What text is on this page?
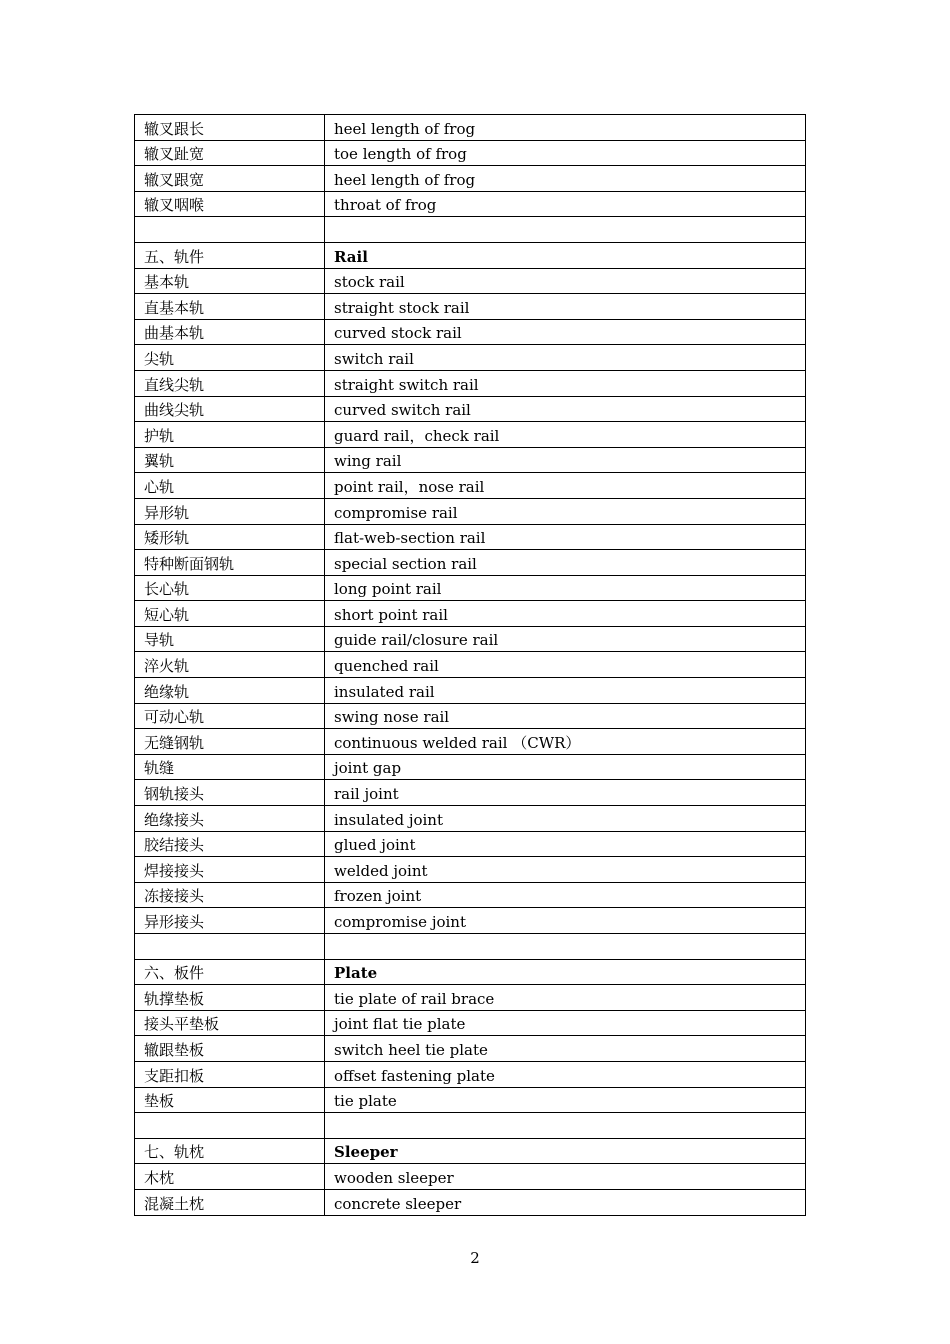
辙叉跟长	heel length of frog
辙叉趾宽	toe length of frog
辙叉跟宽	heel length of frog
辙叉咽喉	throat of frog

五、轨件	Rail
基本轨	stock rail
直基本轨	straight stock rail
曲基本轨	curved stock rail
尖轨	switch rail
直线尖轨	straight switch rail
曲线尖轨	curved switch rail
护轨	guard rail，check rail
翼轨	wing rail
心轨	point rail，nose rail
异形轨	compromise rail
矮形轨	flat-web-section rail
特种断面钢轨	special section rail
长心轨	long point rail
短心轨	short point rail
导轨	guide rail/closure rail
淬火轨	quenched rail
绝缘轨	insulated rail
可动心轨	swing nose rail
无缝钢轨	continuous welded rail （CWR）
轨缝	joint gap
钢轨接头	rail joint
绝缘接头	insulated joint
胶结接头	glued joint
焊接接头	welded joint
冻接接头	frozen joint
异形接头	compromise joint

六、板件	Plate
轨撑垫板	tie plate of rail brace
接头平垫板	joint flat tie plate
辙跟垫板	switch heel tie plate
支距扣板	offset fastening plate
垫板	tie plate

七、轨枕	Sleeper
木枕	wooden sleeper
混凝土枕	concrete sleeper
2
